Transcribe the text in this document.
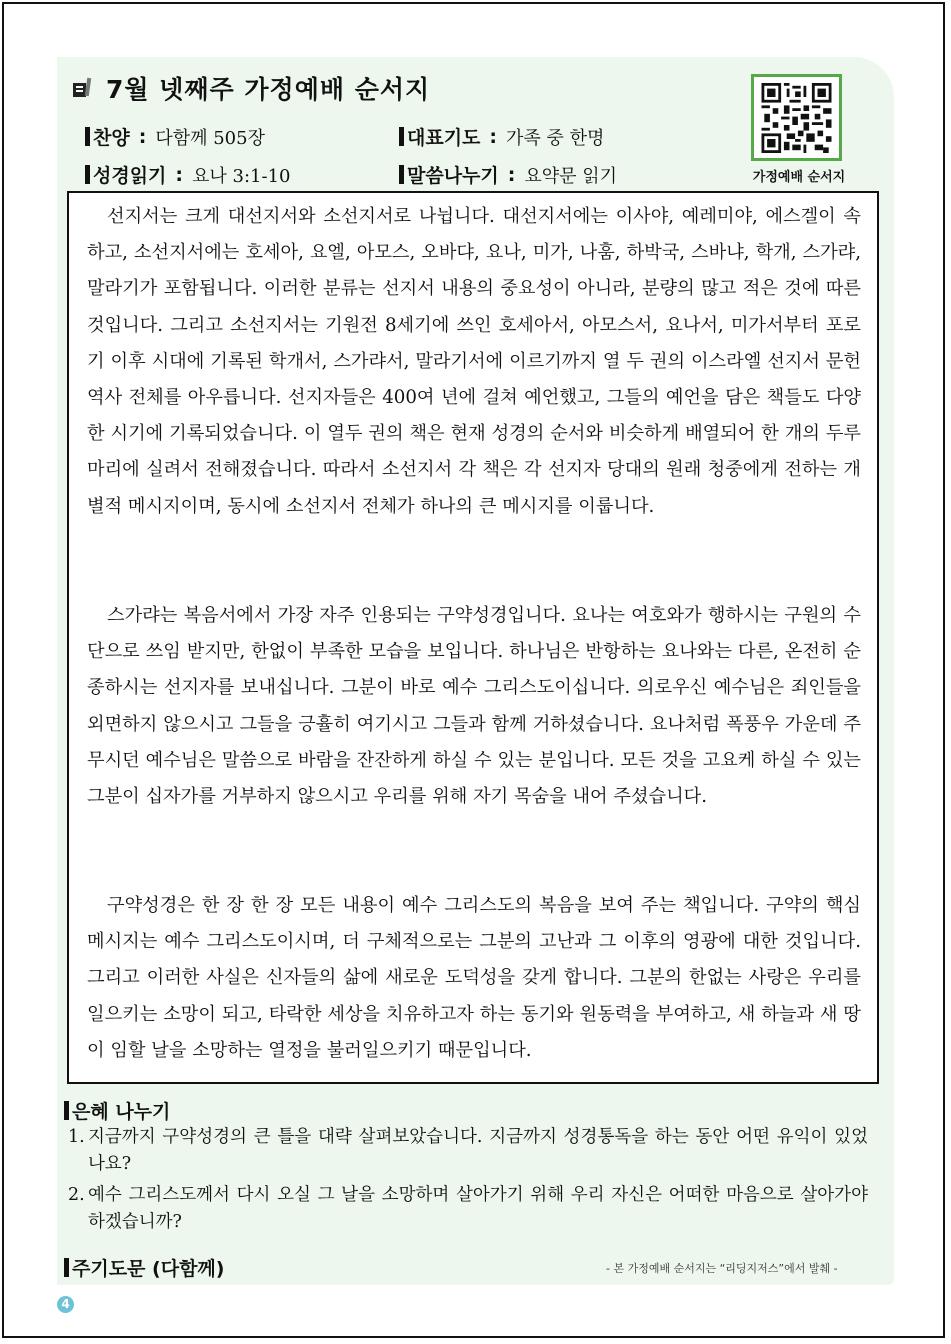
7월 넷째주 가정예배 순서지
찬양 : 다함께 505장	대표기도 : 가족 중 한명
성경읽기 : 요나 3:1-10	말씀나누기 : 요약문 읽기	가정예배 순서지

선지서는 크게 대선지서와 소선지서로 나뉩니다. 대선지서에는 이사야, 예레미야, 에스겔이 속하고, 소선지서에는 호세아, 요엘, 아모스, 오바댜, 요나, 미가, 나훔, 하박국, 스바냐, 학개, 스가랴, 말라기가 포함됩니다. 이러한 분류는 선지서 내용의 중요성이 아니라, 분량의 많고 적은 것에 따른 것입니다. 그리고 소선지서는 기원전 8세기에 쓰인 호세아서, 아모스서, 요나서, 미가서부터 포로기 이후 시대에 기록된 학개서, 스가랴서, 말라기서에 이르기까지 열 두 권의 이스라엘 선지서 문헌 역사 전체를 아우릅니다. 선지자들은 400여 년에 걸쳐 예언했고, 그들의 예언을 담은 책들도 다양한 시기에 기록되었습니다. 이 열두 권의 책은 현재 성경의 순서와 비슷하게 배열되어 한 개의 두루마리에 실려서 전해졌습니다. 따라서 소선지서 각 책은 각 선지자 당대의 원래 청중에게 전하는 개별적 메시지이며, 동시에 소선지서 전체가 하나의 큰 메시지를 이룹니다.

스가랴는 복음서에서 가장 자주 인용되는 구약성경입니다. 요나는 여호와가 행하시는 구원의 수단으로 쓰임 받지만, 한없이 부족한 모습을 보입니다. 하나님은 반항하는 요나와는 다른, 온전히 순종하시는 선지자를 보내십니다. 그분이 바로 예수 그리스도이십니다. 의로우신 예수님은 죄인들을 외면하지 않으시고 그들을 긍휼히 여기시고 그들과 함께 거하셨습니다. 요나처럼 폭풍우 가운데 주무시던 예수님은 말씀으로 바람을 잔잔하게 하실 수 있는 분입니다. 모든 것을 고요케 하실 수 있는 그분이 십자가를 거부하지 않으시고 우리를 위해 자기 목숨을 내어 주셨습니다.

구약성경은 한 장 한 장 모든 내용이 예수 그리스도의 복음을 보여 주는 책입니다. 구약의 핵심 메시지는 예수 그리스도이시며, 더 구체적으로는 그분의 고난과 그 이후의 영광에 대한 것입니다. 그리고 이러한 사실은 신자들의 삶에 새로운 도덕성을 갖게 합니다. 그분의 한없는 사랑은 우리를 일으키는 소망이 되고, 타락한 세상을 치유하고자 하는 동기와 원동력을 부여하고, 새 하늘과 새 땅이 임할 날을 소망하는 열정을 불러일으키기 때문입니다.

은혜 나누기
1. 지금까지 구약성경의 큰 틀을 대략 살펴보았습니다. 지금까지 성경통독을 하는 동안 어떤 유익이 있었나요?
2. 예수 그리스도께서 다시 오실 그 날을 소망하며 살아가기 위해 우리 자신은 어떠한 마음으로 살아가야 하겠습니까?
주기도문 (다함께)	- 본 가정예배 순서지는 “리딩지저스”에서 발췌 -
4
